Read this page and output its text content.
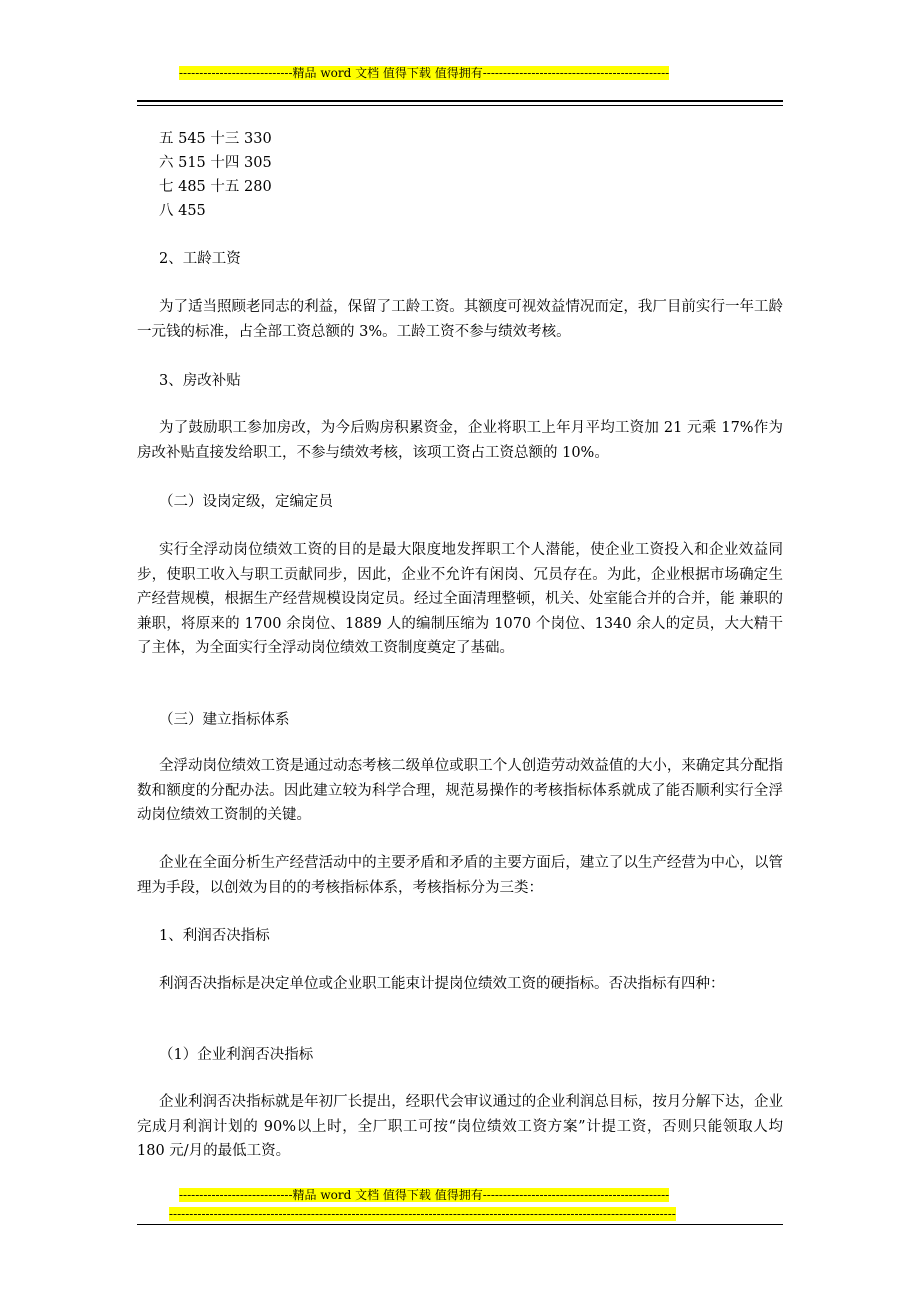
----------------------------精品 word 文档 值得下载 值得拥有----------------------------------------------
五 545 十三 330
六 515 十四 305
七 485 十五 280
八 455
2、工龄工资
为了适当照顾老同志的利益，保留了工龄工资。其额度可视效益情况而定，我厂目前实行一年工龄一元钱的标准，占全部工资总额的 3%。工龄工资不参与绩效考核。
3、房改补贴
为了鼓励职工参加房改，为今后购房积累资金，企业将职工上年月平均工资加 21 元乘 17%作为房改补贴直接发给职工，不参与绩效考核，该项工资占工资总额的 10%。
（二）设岗定级，定编定员
实行全浮动岗位绩效工资的目的是最大限度地发挥职工个人潜能，使企业工资投入和企业效益同步，使职工收入与职工贡献同步，因此，企业不允许有闲岗、冗员存在。为此，企业根据市场确定生产经营规模，根据生产经营规模设岗定员。经过全面清理整顿，机关、处室能合并的合并，能 兼职的兼职，将原来的 1700 余岗位、1889 人的编制压缩为 1070 个岗位、1340 余人的定员，大大精干了主体，为全面实行全浮动岗位绩效工资制度奠定了基础。
（三）建立指标体系
全浮动岗位绩效工资是通过动态考核二级单位或职工个人创造劳动效益值的大小，来确定其分配指数和额度的分配办法。因此建立较为科学合理，规范易操作的考核指标体系就成了能否顺利实行全浮动岗位绩效工资制的关键。
企业在全面分析生产经营活动中的主要矛盾和矛盾的主要方面后，建立了以生产经营为中心，以管理为手段，以创效为目的的考核指标体系，考核指标分为三类：
1、利润否决指标
利润否决指标是决定单位或企业职工能束计提岗位绩效工资的硬指标。否决指标有四种：
（1）企业利润否决指标
企业利润否决指标就是年初厂长提出，经职代会审议通过的企业利润总目标，按月分解下达，企业完成月利润计划的 90%以上时，全厂职工可按“岗位绩效工资方案”计提工资，否则只能领取人均 180 元/月的最低工资。
----------------------------精品 word 文档 值得下载 值得拥有----------------------------------------------
-----------------------------------------------------------------------------------------------------------------------------
